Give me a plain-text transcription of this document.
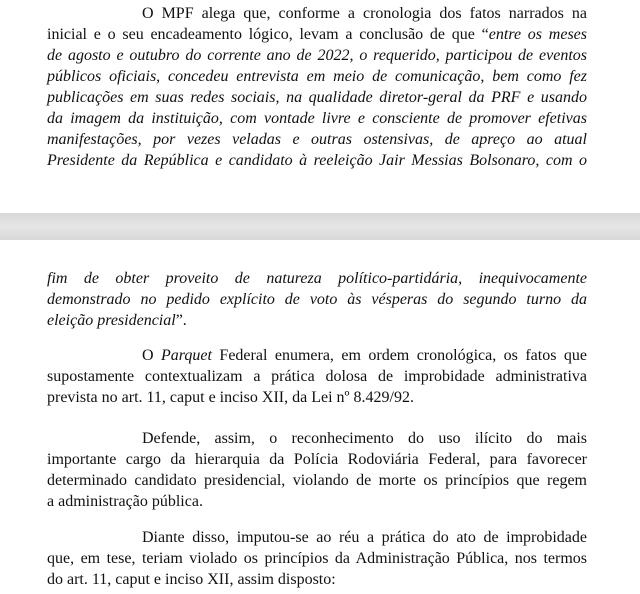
O MPF alega que, conforme a cronologia dos fatos narrados na
inicial e o seu encadeamento lógico, levam a conclusão de que “entre os meses
de agosto e outubro do corrente ano de 2022, o requerido, participou de eventos
públicos oficiais, concedeu entrevista em meio de comunicação, bem como fez
publicações em suas redes sociais, na qualidade diretor-geral da PRF e usando
da imagem da instituição, com vontade livre e consciente de promover efetivas
manifestações, por vezes veladas e outras ostensivas, de apreço ao atual
Presidente da República e candidato à reeleição Jair Messias Bolsonaro, com o
fim de obter proveito de natureza político-partidária, inequivocamente
demonstrado no pedido explícito de voto às vésperas do segundo turno da
eleição presidencial”.
O Parquet Federal enumera, em ordem cronológica, os fatos que
supostamente contextualizam a prática dolosa de improbidade administrativa
prevista no art. 11, caput e inciso XII, da Lei nº 8.429/92.
Defende, assim, o reconhecimento do uso ilícito do mais
importante cargo da hierarquia da Polícia Rodoviária Federal, para favorecer
determinado candidato presidencial, violando de morte os princípios que regem
a administração pública.
Diante disso, imputou-se ao réu a prática do ato de improbidade
que, em tese, teriam violado os princípios da Administração Pública, nos termos
do art. 11, caput e inciso XII, assim disposto:
